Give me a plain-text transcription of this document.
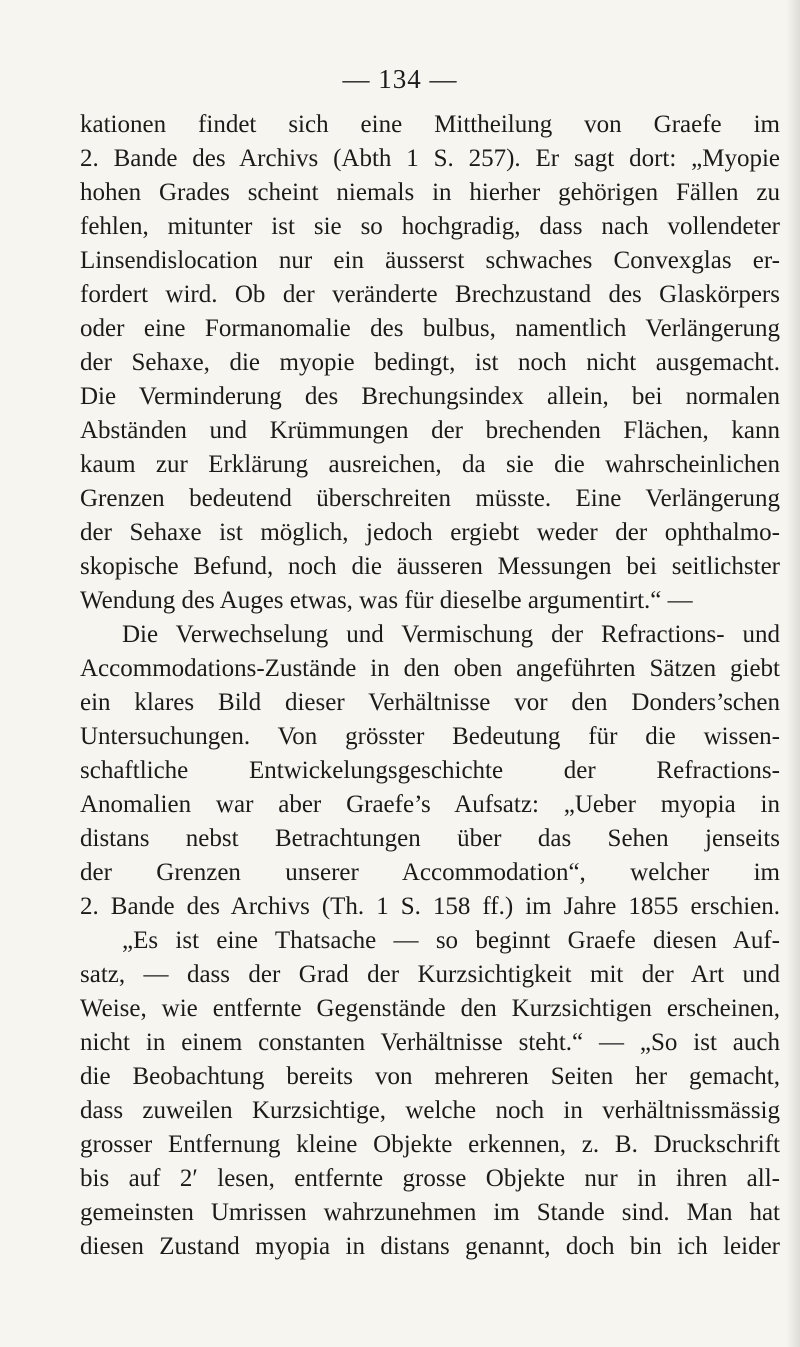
— 134 —
kationen findet sich eine Mittheilung von Graefe im
2. Bande des Archivs (Abth 1 S. 257). Er sagt dort: „Myopie
hohen Grades scheint niemals in hierher gehörigen Fällen zu
fehlen, mitunter ist sie so hochgradig, dass nach vollendeter
Linsendislocation nur ein äusserst schwaches Convexglas er-
fordert wird. Ob der veränderte Brechzustand des Glaskörpers
oder eine Formanomalie des bulbus, namentlich Verlängerung
der Sehaxe, die myopie bedingt, ist noch nicht ausgemacht.
Die Verminderung des Brechungsindex allein, bei normalen
Abständen und Krümmungen der brechenden Flächen, kann
kaum zur Erklärung ausreichen, da sie die wahrscheinlichen
Grenzen bedeutend überschreiten müsste. Eine Verlängerung
der Sehaxe ist möglich, jedoch ergiebt weder der ophthalmo-
skopische Befund, noch die äusseren Messungen bei seitlichster
Wendung des Auges etwas, was für dieselbe argumentirt.“ —
Die Verwechselung und Vermischung der Refractions- und
Accommodations-Zustände in den oben angeführten Sätzen giebt
ein klares Bild dieser Verhältnisse vor den Donders’schen
Untersuchungen. Von grösster Bedeutung für die wissen-
schaftliche Entwickelungsgeschichte der Refractions-
Anomalien war aber Graefe’s Aufsatz: „Ueber myopia in
distans nebst Betrachtungen über das Sehen jenseits
der Grenzen unserer Accommodation“, welcher im
2. Bande des Archivs (Th. 1 S. 158 ff.) im Jahre 1855 erschien.
„Es ist eine Thatsache — so beginnt Graefe diesen Auf-
satz, — dass der Grad der Kurzsichtigkeit mit der Art und
Weise, wie entfernte Gegenstände den Kurzsichtigen erscheinen,
nicht in einem constanten Verhältnisse steht.“ — „So ist auch
die Beobachtung bereits von mehreren Seiten her gemacht,
dass zuweilen Kurzsichtige, welche noch in verhältnissmässig
grosser Entfernung kleine Objekte erkennen, z. B. Druckschrift
bis auf 2′ lesen, entfernte grosse Objekte nur in ihren all-
gemeinsten Umrissen wahrzunehmen im Stande sind. Man hat
diesen Zustand myopia in distans genannt, doch bin ich leider
